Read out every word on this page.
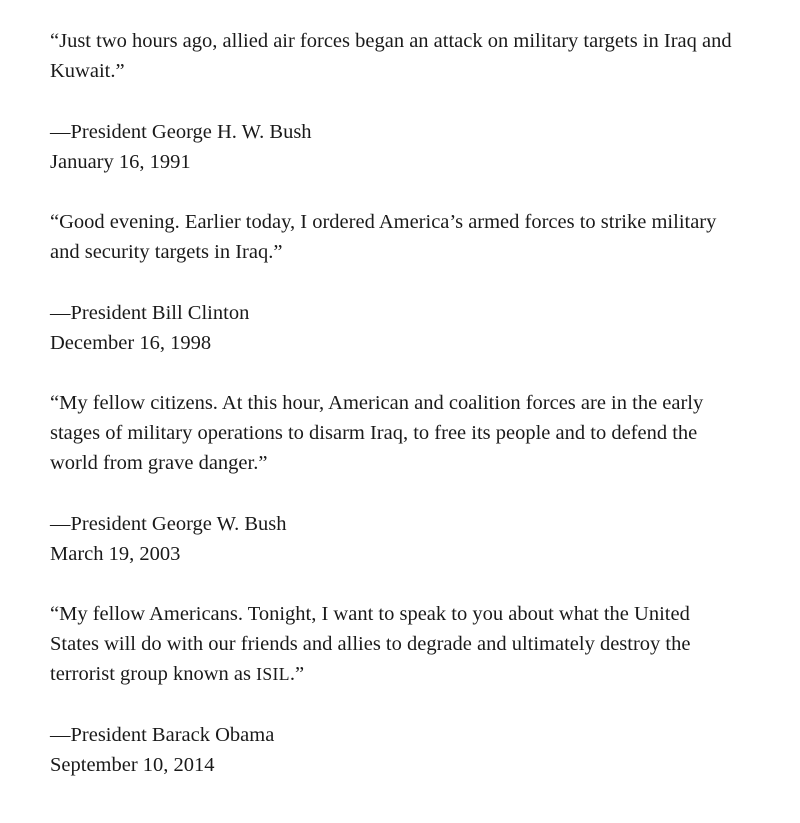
“Just two hours ago, allied air forces began an attack on military targets in Iraq and Kuwait.”

—President George H. W. Bush
January 16, 1991

“Good evening. Earlier today, I ordered America’s armed forces to strike military and security targets in Iraq.”

—President Bill Clinton
December 16, 1998

“My fellow citizens. At this hour, American and coalition forces are in the early stages of military operations to disarm Iraq, to free its people and to defend the world from grave danger.”

—President George W. Bush
March 19, 2003

“My fellow Americans. Tonight, I want to speak to you about what the United States will do with our friends and allies to degrade and ultimately destroy the terrorist group known as ISIL.”

—President Barack Obama
September 10, 2014
